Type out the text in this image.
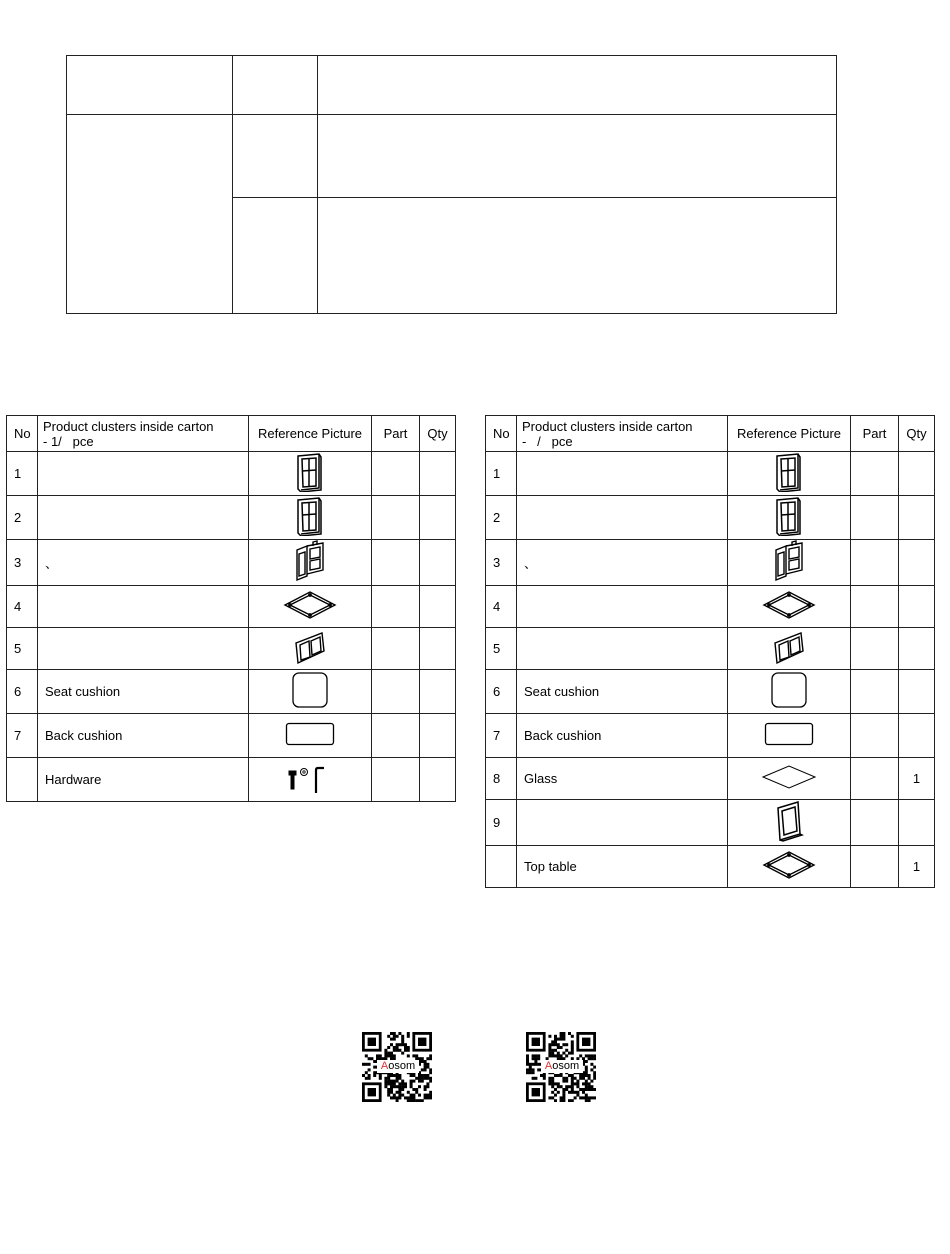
No	Product clusters inside carton
- 1/   pce	Reference Picture	Part	Qty
1		

2		

3	、	

4		

5		

6	Seat cushion	

7	Back cushion	

	Hardware	

No	Product clusters inside carton
-   /   pce	Reference Picture	Part	Qty
1		

2		

3	、	

4		

5		

6	Seat cushion	

7	Back cushion	

8	Glass			1
9		

	Top table			1
Aosom	Aosom
